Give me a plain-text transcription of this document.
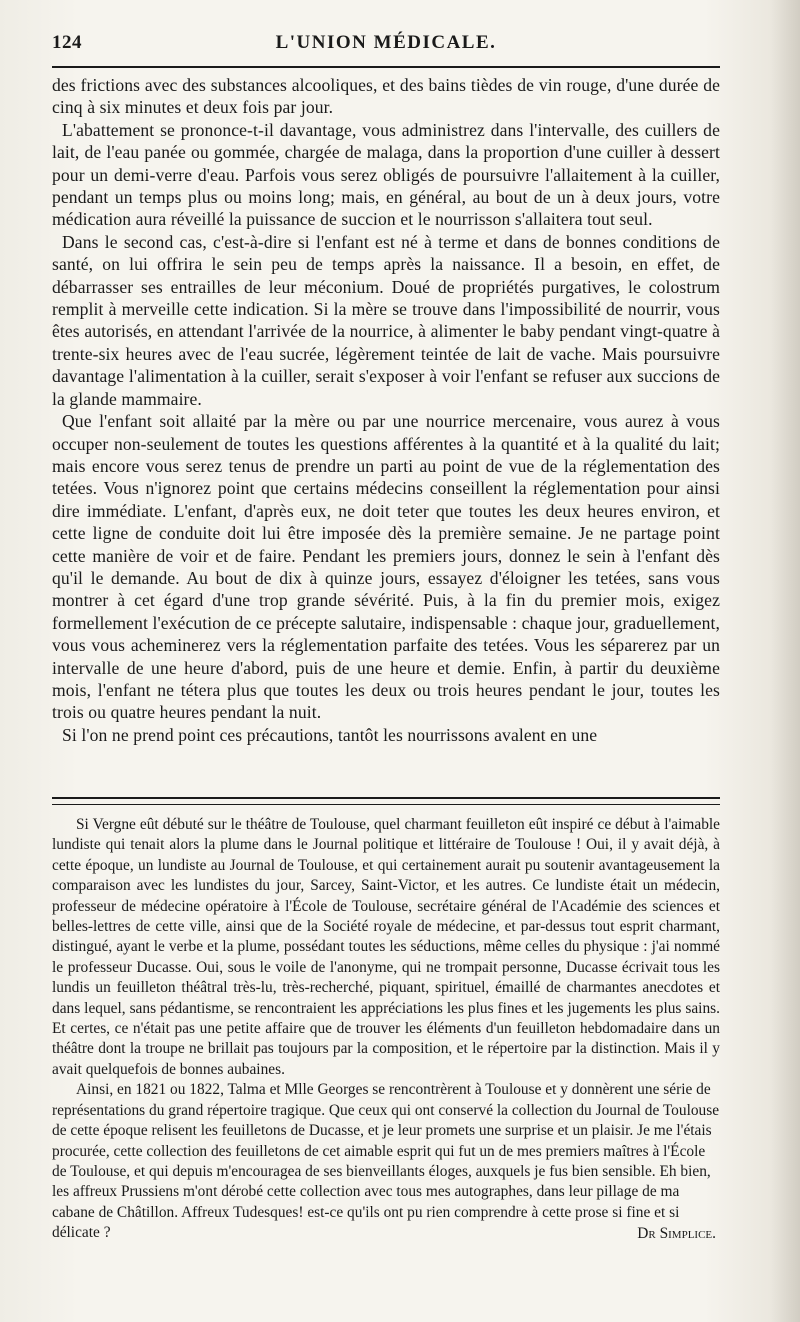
124	L'UNION MÉDICALE.

des frictions avec des substances alcooliques, et des bains tièdes de vin rouge, d'une durée de cinq à six minutes et deux fois par jour.

L'abattement se prononce-t-il davantage, vous administrez dans l'intervalle, des cuillers de lait, de l'eau panée ou gommée, chargée de malaga, dans la proportion d'une cuiller à dessert pour un demi-verre d'eau. Parfois vous serez obligés de poursuivre l'allaitement à la cuiller, pendant un temps plus ou moins long; mais, en général, au bout de un à deux jours, votre médication aura réveillé la puissance de succion et le nourrisson s'allaitera tout seul.

Dans le second cas, c'est-à-dire si l'enfant est né à terme et dans de bonnes conditions de santé, on lui offrira le sein peu de temps après la naissance. Il a besoin, en effet, de débarrasser ses entrailles de leur méconium. Doué de propriétés purgatives, le colostrum remplit à merveille cette indication. Si la mère se trouve dans l'impossibilité de nourrir, vous êtes autorisés, en attendant l'arrivée de la nourrice, à alimenter le baby pendant vingt-quatre à trente-six heures avec de l'eau sucrée, légèrement teintée de lait de vache. Mais poursuivre davantage l'alimentation à la cuiller, serait s'exposer à voir l'enfant se refuser aux succions de la glande mammaire.

Que l'enfant soit allaité par la mère ou par une nourrice mercenaire, vous aurez à vous occuper non-seulement de toutes les questions afférentes à la quantité et à la qualité du lait; mais encore vous serez tenus de prendre un parti au point de vue de la réglementation des tetées. Vous n'ignorez point que certains médecins conseillent la réglementation pour ainsi dire immédiate. L'enfant, d'après eux, ne doit teter que toutes les deux heures environ, et cette ligne de conduite doit lui être imposée dès la première semaine. Je ne partage point cette manière de voir et de faire. Pendant les premiers jours, donnez le sein à l'enfant dès qu'il le demande. Au bout de dix à quinze jours, essayez d'éloigner les tetées, sans vous montrer à cet égard d'une trop grande sévérité. Puis, à la fin du premier mois, exigez formellement l'exécution de ce précepte salutaire, indispensable : chaque jour, graduellement, vous vous acheminerez vers la réglementation parfaite des tetées. Vous les séparerez par un intervalle de une heure d'abord, puis de une heure et demie. Enfin, à partir du deuxième mois, l'enfant ne tétera plus que toutes les deux ou trois heures pendant le jour, toutes les trois ou quatre heures pendant la nuit.

Si l'on ne prend point ces précautions, tantôt les nourrissons avalent en une

Si Vergne eût débuté sur le théâtre de Toulouse, quel charmant feuilleton eût inspiré ce début à l'aimable lundiste qui tenait alors la plume dans le Journal politique et littéraire de Toulouse ! Oui, il y avait déjà, à cette époque, un lundiste au Journal de Toulouse, et qui certainement aurait pu soutenir avantageusement la comparaison avec les lundistes du jour, Sarcey, Saint-Victor, et les autres. Ce lundiste était un médecin, professeur de médecine opératoire à l'École de Toulouse, secrétaire général de l'Académie des sciences et belles-lettres de cette ville, ainsi que de la Société royale de médecine, et par-dessus tout esprit charmant, distingué, ayant le verbe et la plume, possédant toutes les séductions, même celles du physique : j'ai nommé le professeur Ducasse. Oui, sous le voile de l'anonyme, qui ne trompait personne, Ducasse écrivait tous les lundis un feuilleton théâtral très-lu, très-recherché, piquant, spirituel, émaillé de charmantes anecdotes et dans lequel, sans pédantisme, se rencontraient les appréciations les plus fines et les jugements les plus sains. Et certes, ce n'était pas une petite affaire que de trouver les éléments d'un feuilleton hebdomadaire dans un théâtre dont la troupe ne brillait pas toujours par la composition, et le répertoire par la distinction. Mais il y avait quelquefois de bonnes aubaines.

Ainsi, en 1821 ou 1822, Talma et Mlle Georges se rencontrèrent à Toulouse et y donnèrent une série de représentations du grand répertoire tragique. Que ceux qui ont conservé la collection du Journal de Toulouse de cette époque relisent les feuilletons de Ducasse, et je leur promets une surprise et un plaisir. Je me l'étais procurée, cette collection des feuilletons de cet aimable esprit qui fut un de mes premiers maîtres à l'École de Toulouse, et qui depuis m'encouragea de ses bienveillants éloges, auxquels je fus bien sensible. Eh bien, les affreux Prussiens m'ont dérobé cette collection avec tous mes autographes, dans leur pillage de ma cabane de Châtillon. Affreux Tudesques! est-ce qu'ils ont pu rien comprendre à cette prose si fine et si délicate ?	Dr Simplice.
